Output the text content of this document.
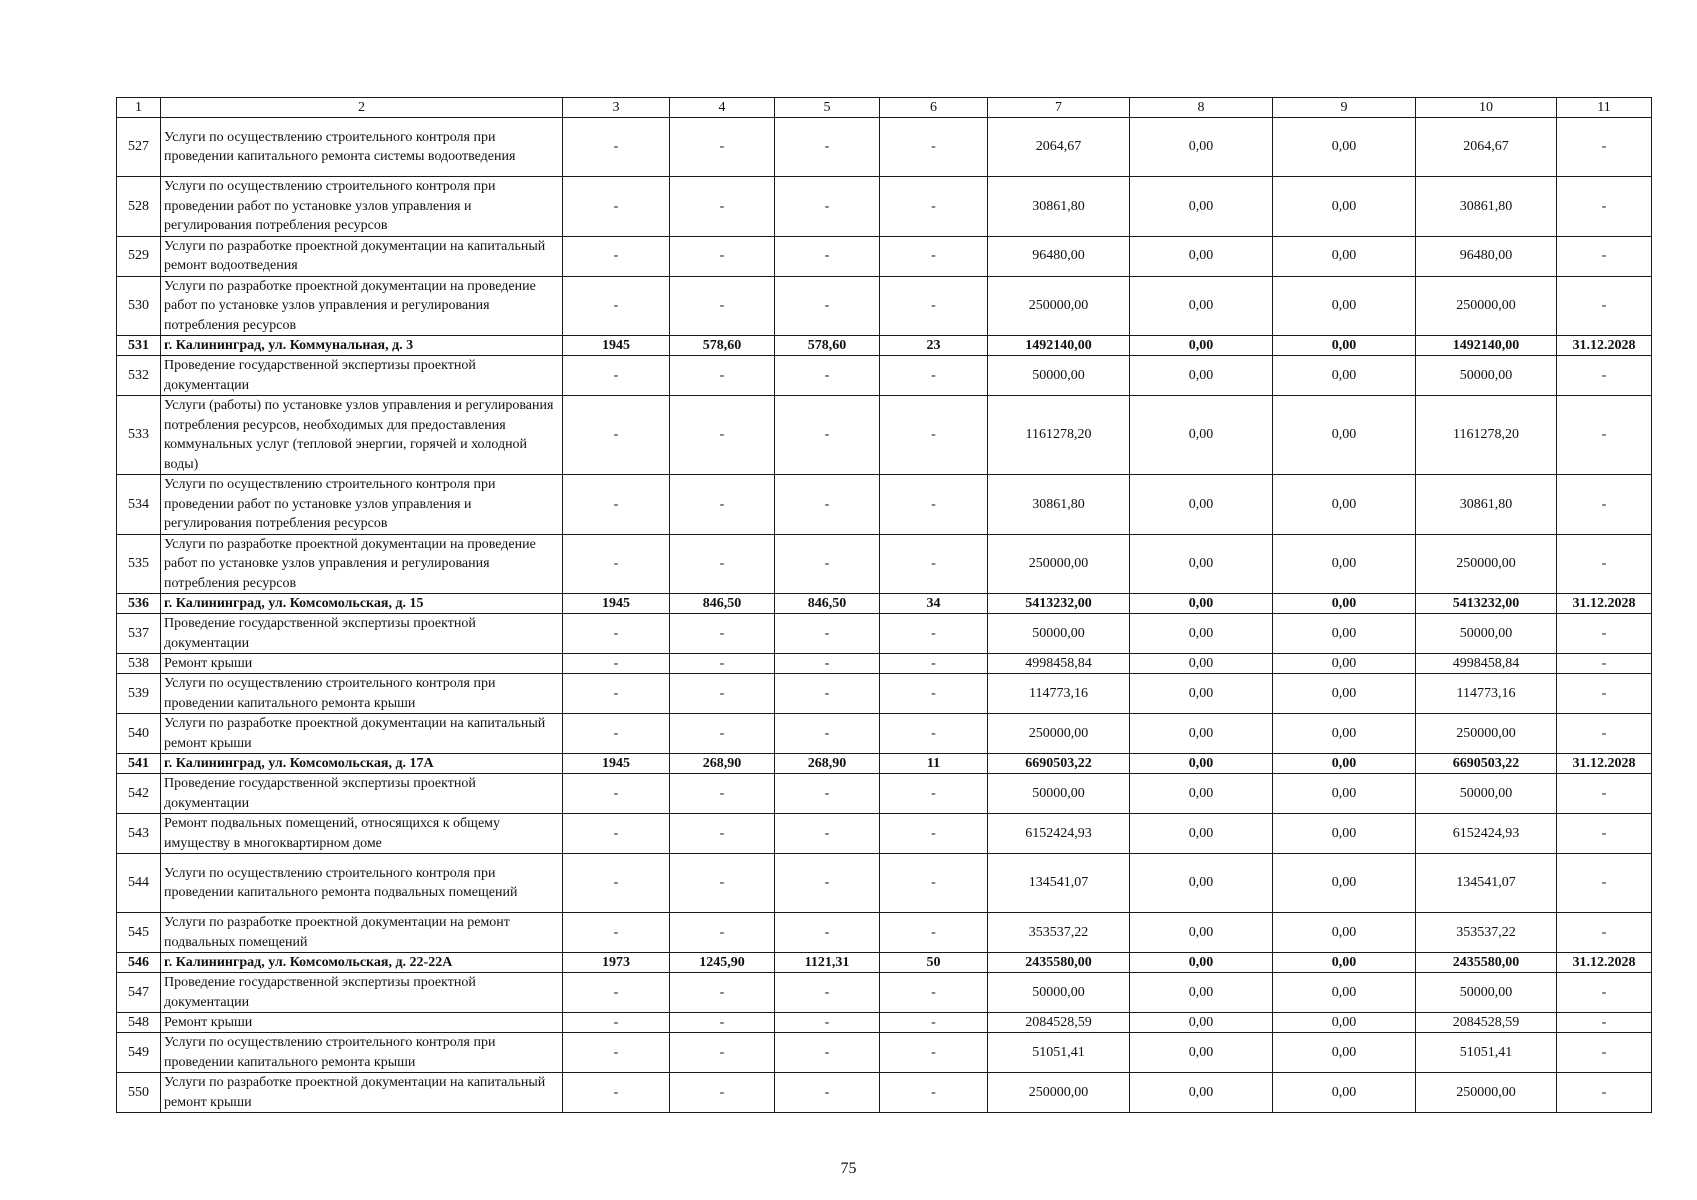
1	2	3	4	5	6	7	8	9	10	11
527	Услуги по осуществлению строительного контроля при проведении капитального ремонта системы водоотведения	-	-	-	-	2064,67	0,00	0,00	2064,67	-
528	Услуги по осуществлению строительного контроля при проведении работ по установке узлов управления и регулирования потребления ресурсов	-	-	-	-	30861,80	0,00	0,00	30861,80	-
529	Услуги по разработке проектной документации на капитальный ремонт водоотведения	-	-	-	-	96480,00	0,00	0,00	96480,00	-
530	Услуги по разработке проектной документации на проведение работ по установке узлов управления и регулирования потребления ресурсов	-	-	-	-	250000,00	0,00	0,00	250000,00	-
531	г. Калининград, ул. Коммунальная, д. 3	1945	578,60	578,60	23	1492140,00	0,00	0,00	1492140,00	31.12.2028
532	Проведение государственной экспертизы проектной документации	-	-	-	-	50000,00	0,00	0,00	50000,00	-
533	Услуги (работы) по установке узлов управления и регулирования потребления ресурсов, необходимых для предоставления коммунальных услуг (тепловой энергии, горячей и холодной воды)	-	-	-	-	1161278,20	0,00	0,00	1161278,20	-
534	Услуги по осуществлению строительного контроля при проведении работ по установке узлов управления и регулирования потребления ресурсов	-	-	-	-	30861,80	0,00	0,00	30861,80	-
535	Услуги по разработке проектной документации на проведение работ по установке узлов управления и регулирования потребления ресурсов	-	-	-	-	250000,00	0,00	0,00	250000,00	-
536	г. Калининград, ул. Комсомольская, д. 15	1945	846,50	846,50	34	5413232,00	0,00	0,00	5413232,00	31.12.2028
537	Проведение государственной экспертизы проектной документации	-	-	-	-	50000,00	0,00	0,00	50000,00	-
538	Ремонт крыши	-	-	-	-	4998458,84	0,00	0,00	4998458,84	-
539	Услуги по осуществлению строительного контроля при проведении капитального ремонта крыши	-	-	-	-	114773,16	0,00	0,00	114773,16	-
540	Услуги по разработке проектной документации на капитальный ремонт крыши	-	-	-	-	250000,00	0,00	0,00	250000,00	-
541	г. Калининград, ул. Комсомольская, д. 17А	1945	268,90	268,90	11	6690503,22	0,00	0,00	6690503,22	31.12.2028
542	Проведение государственной экспертизы проектной документации	-	-	-	-	50000,00	0,00	0,00	50000,00	-
543	Ремонт подвальных помещений, относящихся к общему имуществу в многоквартирном доме	-	-	-	-	6152424,93	0,00	0,00	6152424,93	-
544	Услуги по осуществлению строительного контроля при проведении капитального ремонта подвальных помещений	-	-	-	-	134541,07	0,00	0,00	134541,07	-
545	Услуги по разработке проектной документации на ремонт подвальных помещений	-	-	-	-	353537,22	0,00	0,00	353537,22	-
546	г. Калининград, ул. Комсомольская, д. 22-22А	1973	1245,90	1121,31	50	2435580,00	0,00	0,00	2435580,00	31.12.2028
547	Проведение государственной экспертизы проектной документации	-	-	-	-	50000,00	0,00	0,00	50000,00	-
548	Ремонт крыши	-	-	-	-	2084528,59	0,00	0,00	2084528,59	-
549	Услуги по осуществлению строительного контроля при проведении капитального ремонта крыши	-	-	-	-	51051,41	0,00	0,00	51051,41	-
550	Услуги по разработке проектной документации на капитальный ремонт крыши	-	-	-	-	250000,00	0,00	0,00	250000,00	-
75
